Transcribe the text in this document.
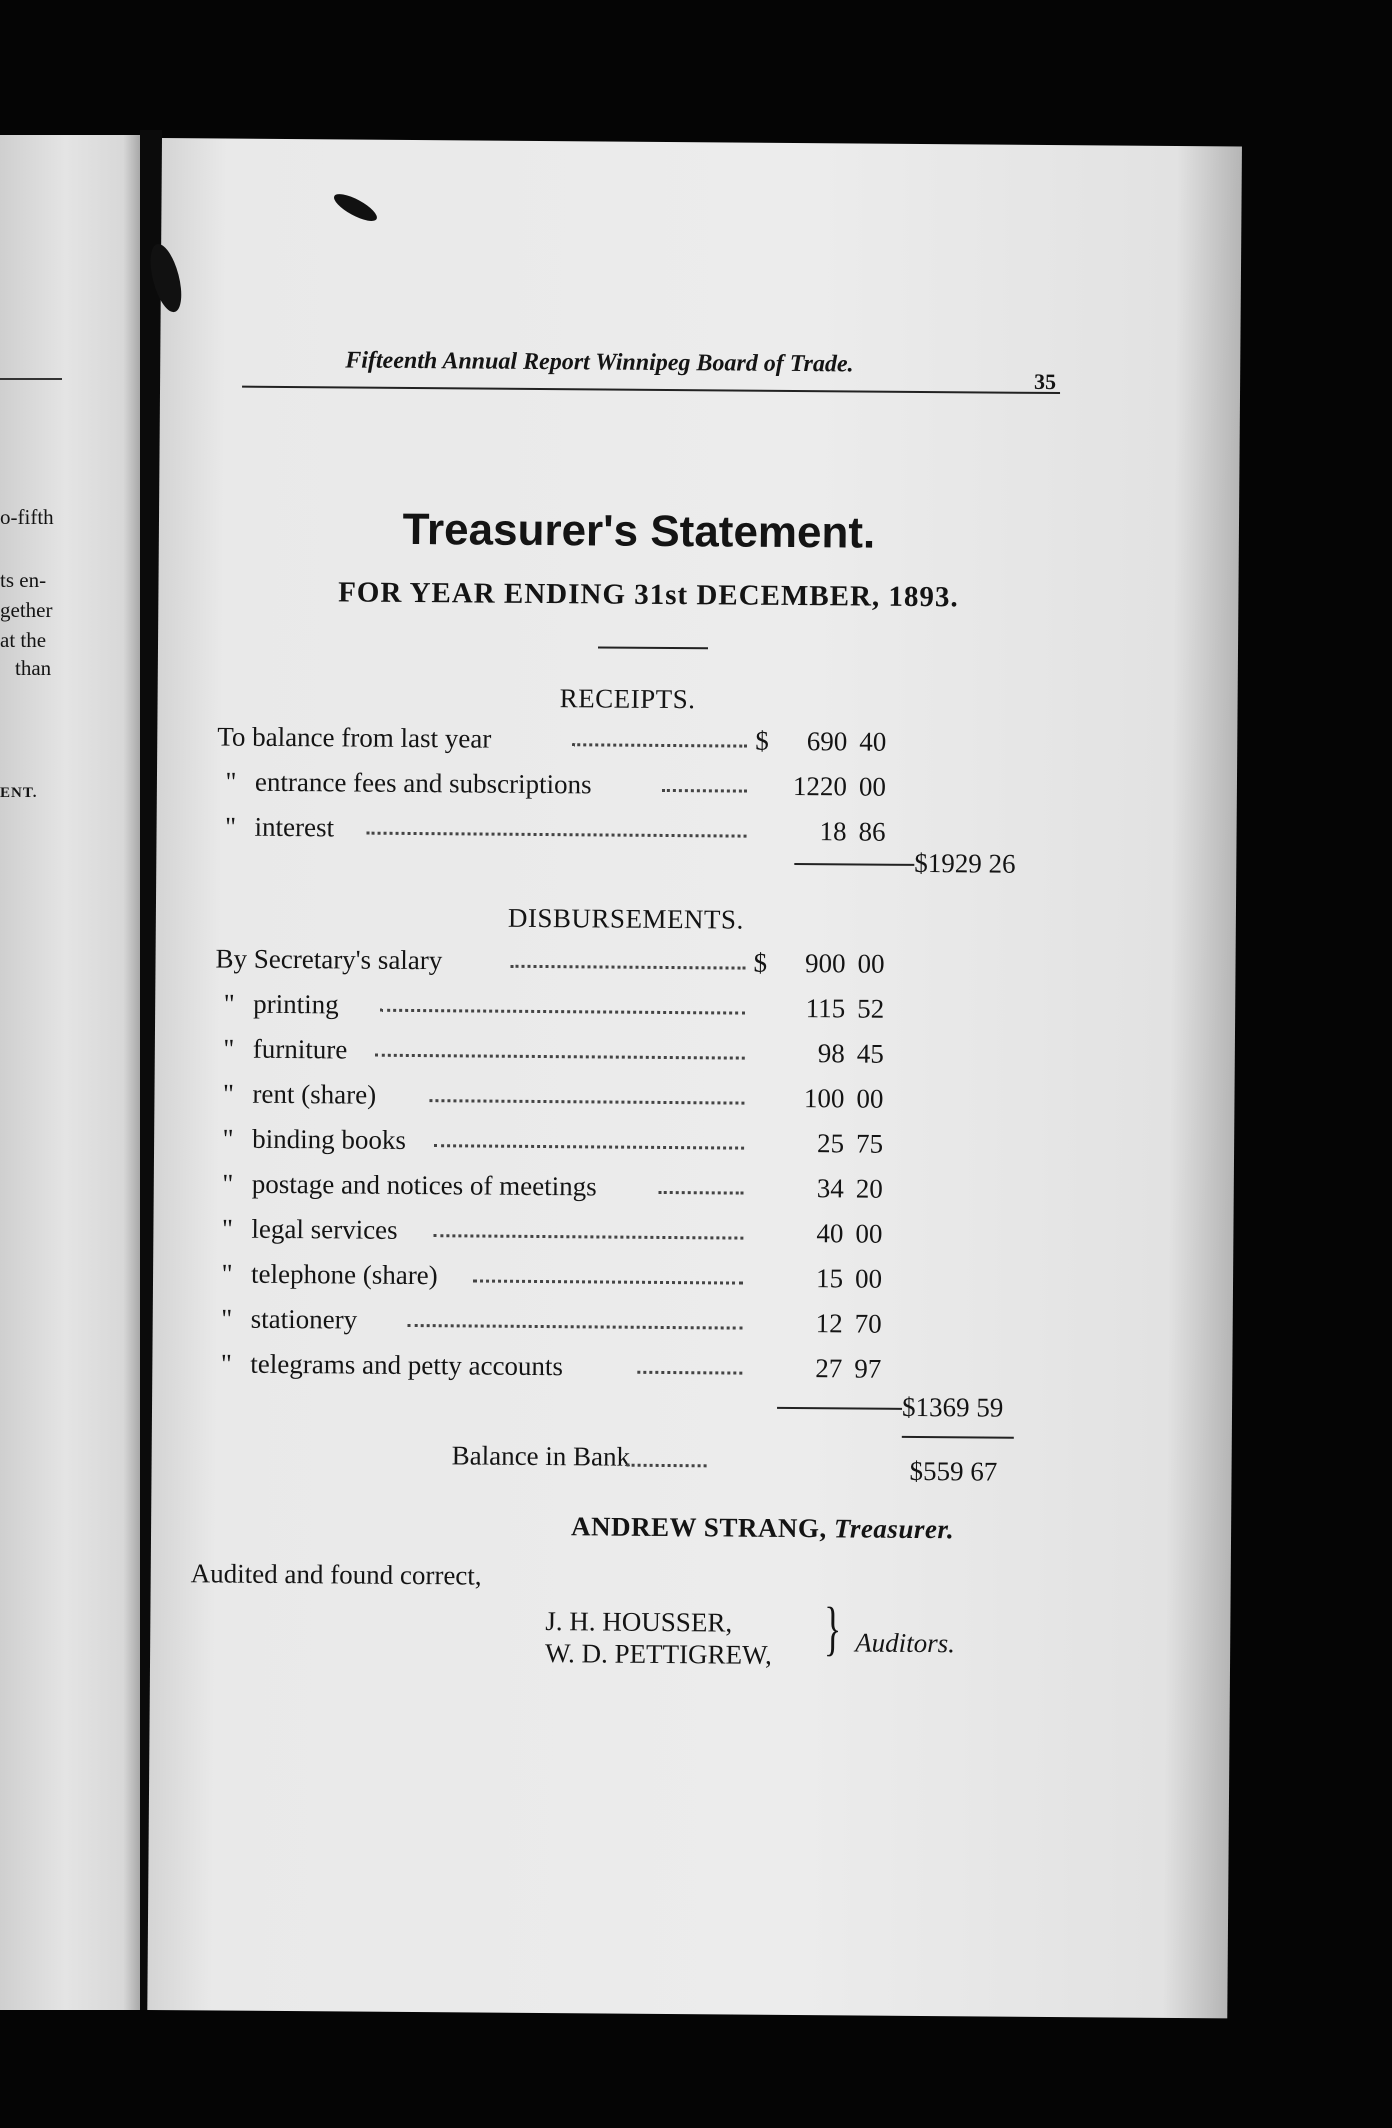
o-fifth
ts en-
gether
at the
than
ENT.
Fifteenth Annual Report Winnipeg Board of Trade.
35
Treasurer's Statement.
FOR YEAR ENDING 31st DECEMBER, 1893.
RECEIPTS.
To balance from last year	$	690 40
" entrance fees and subscriptions	1220 00
" interest	18 86
$1929 26
DISBURSEMENTS.
By Secretary's salary	$	900 00
" printing	115 52
" furniture	98 45
" rent (share)	100 00
" binding books	25 75
" postage and notices of meetings	34 20
" legal services	40 00
" telephone (share)	15 00
" stationery	12 70
" telegrams and petty accounts	27 97
$1369 59
Balance in Bank	$559 67
ANDREW STRANG, Treasurer.
Audited and found correct,
J. H. HOUSSER,
W. D. PETTIGREW, } Auditors.
